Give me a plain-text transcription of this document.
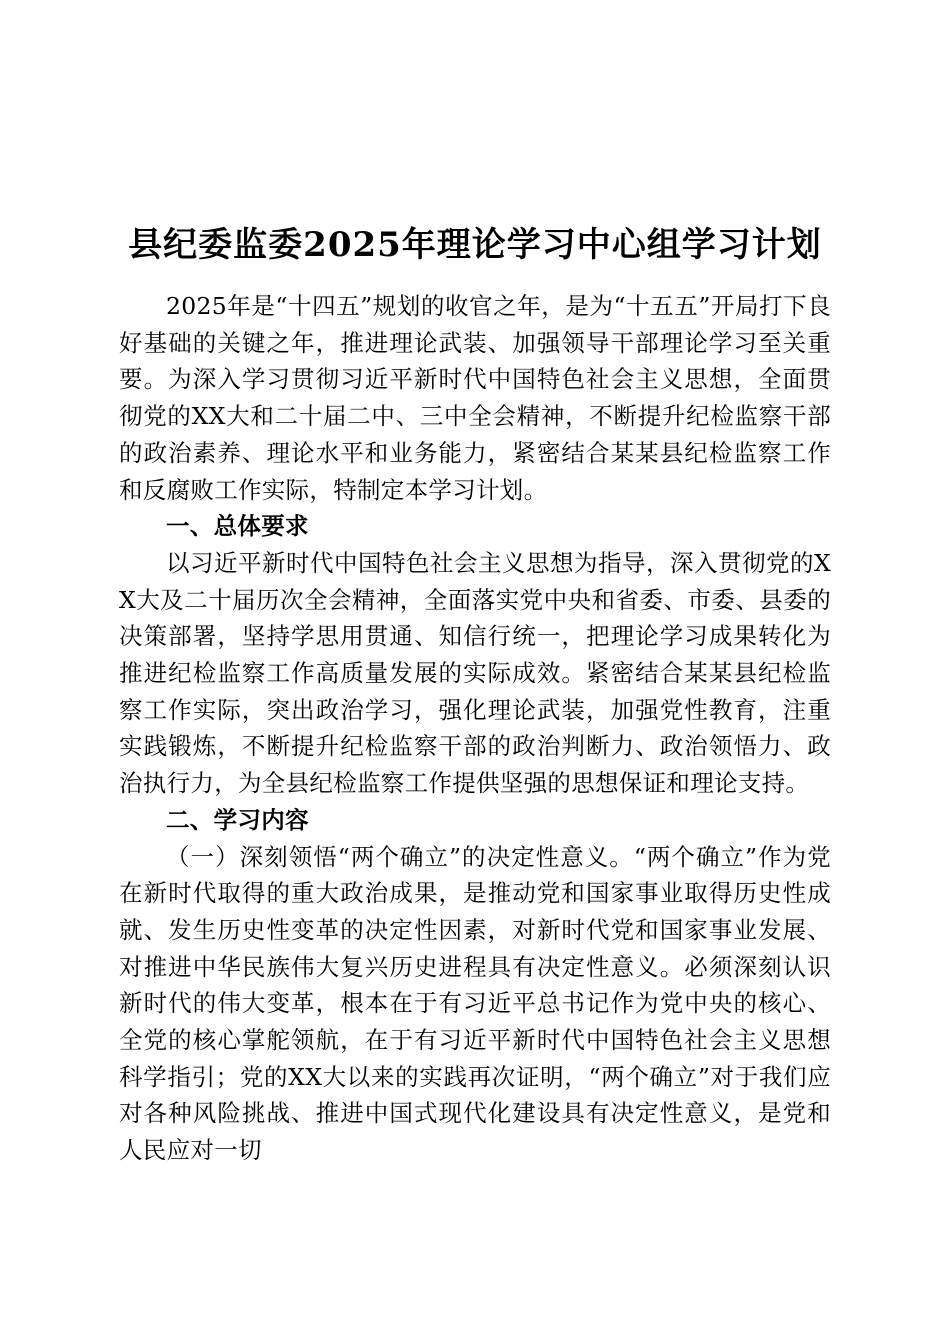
县纪委监委2025年理论学习中心组学习计划

2025年是“十四五”规划的收官之年，是为“十五五”开局打下良好基础的关键之年，推进理论武装、加强领导干部理论学习至关重要。为深入学习贯彻习近平新时代中国特色社会主义思想，全面贯彻党的XX大和二十届二中、三中全会精神，不断提升纪检监察干部的政治素养、理论水平和业务能力，紧密结合某某县纪检监察工作和反腐败工作实际，特制定本学习计划。

一、总体要求

以习近平新时代中国特色社会主义思想为指导，深入贯彻党的XX大及二十届历次全会精神，全面落实党中央和省委、市委、县委的决策部署，坚持学思用贯通、知信行统一，把理论学习成果转化为推进纪检监察工作高质量发展的实际成效。紧密结合某某县纪检监察工作实际，突出政治学习，强化理论武装，加强党性教育，注重实践锻炼，不断提升纪检监察干部的政治判断力、政治领悟力、政治执行力，为全县纪检监察工作提供坚强的思想保证和理论支持。

二、学习内容

（一）深刻领悟“两个确立”的决定性意义。“两个确立”作为党在新时代取得的重大政治成果，是推动党和国家事业取得历史性成就、发生历史性变革的决定性因素，对新时代党和国家事业发展、对推进中华民族伟大复兴历史进程具有决定性意义。必须深刻认识新时代的伟大变革，根本在于有习近平总书记作为党中央的核心、全党的核心掌舵领航，在于有习近平新时代中国特色社会主义思想科学指引；党的XX大以来的实践再次证明，“两个确立”对于我们应对各种风险挑战、推进中国式现代化建设具有决定性意义，是党和人民应对一切
